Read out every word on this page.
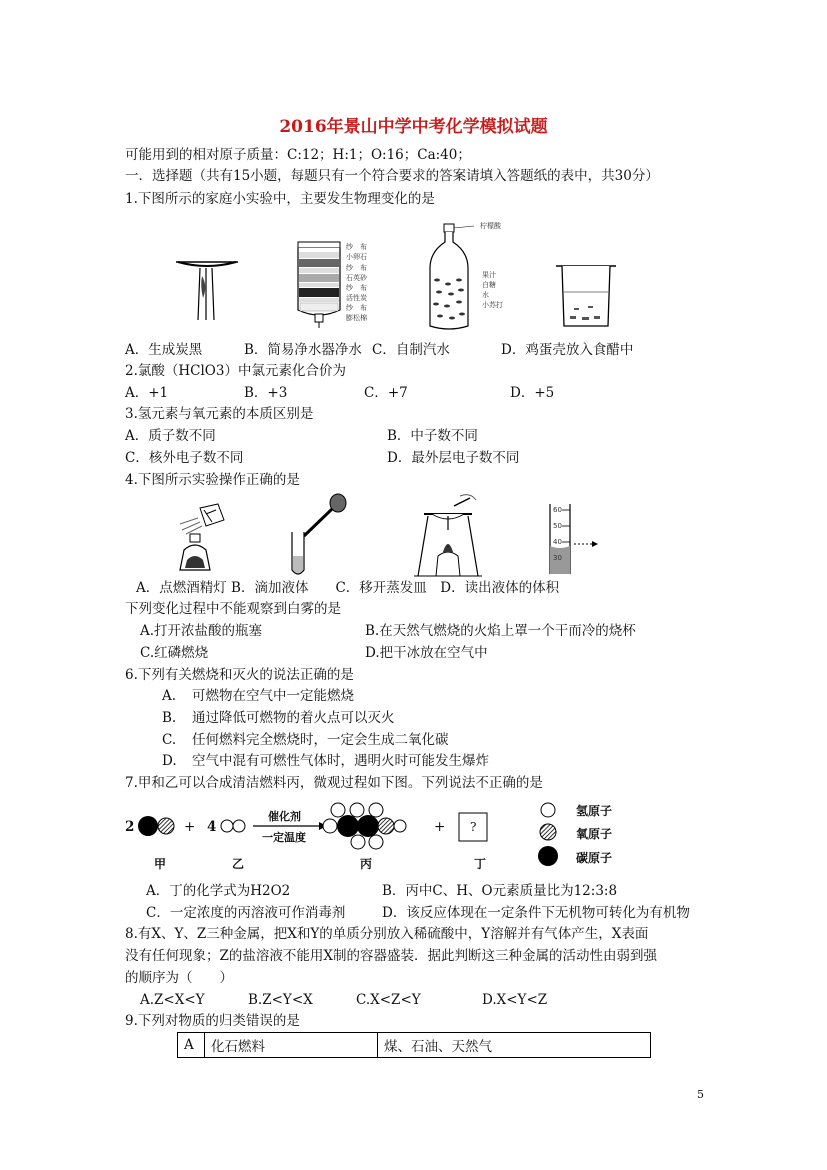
2016年景山中学中考化学模拟试题
可能用到的相对原子质量：C:12；H:1；O:16；Ca:40；
一．选择题（共有15小题，每题只有一个符合要求的答案请填入答题纸的表中，共30分）
1.下图所示的家庭小实验中，主要发生物理变化的是
纱　布
小卵石
纱　布
石英砂
纱　布
活性炭
纱　布
膨松棉
柠檬酸
果汁
白糖
水
小苏打
A．生成炭黑	B．简易净水器净水 C．自制汽水	D．鸡蛋壳放入食醋中
2.氯酸（HClO3）中氯元素化合价为
A．+1	B．+3	C．+7	D．+5
3.氢元素与氧元素的本质区别是
A．质子数不同	B．中子数不同
C．核外电子数不同	D．最外层电子数不同
4.下图所示实验操作正确的是
60
50
40
30
A．点燃酒精灯 B．滴加液体　　C．移开蒸发皿　D．读出液体的体积
下列变化过程中不能观察到白雾的是
A.打开浓盐酸的瓶塞	B.在天然气燃烧的火焰上罩一个干而冷的烧杯
C.红磷燃烧	D.把干冰放在空气中
6.下列有关燃烧和灭火的说法正确的是
A. 可燃物在空气中一定能燃烧
B. 通过降低可燃物的着火点可以灭火
C. 任何燃料完全燃烧时，一定会生成二氧化碳
D. 空气中混有可燃性气体时，遇明火时可能发生爆炸
7.甲和乙可以合成清洁燃料丙，微观过程如下图。下列说法不正确的是
2	+ 4
催化剂
一定温度
+ ?
甲	乙	丙	丁
氢原子
氧原子
碳原子
A．丁的化学式为H2O2	B．丙中C、H、O元素质量比为12:3:8
C．一定浓度的丙溶液可作消毒剂	D．该反应体现在一定条件下无机物可转化为有机物
8.有X、Y、Z三种金属，把X和Y的单质分别放入稀硫酸中，Y溶解并有气体产生，X表面
没有任何现象；Z的盐溶液不能用X制的容器盛装．据此判断这三种金属的活动性由弱到强
的顺序为（　　）
A.Z<X<Y	B.Z<Y<X	C.X<Z<Y	D.X<Y<Z
9.下列对物质的归类错误的是
A	化石燃料	煤、石油、天然气
5
